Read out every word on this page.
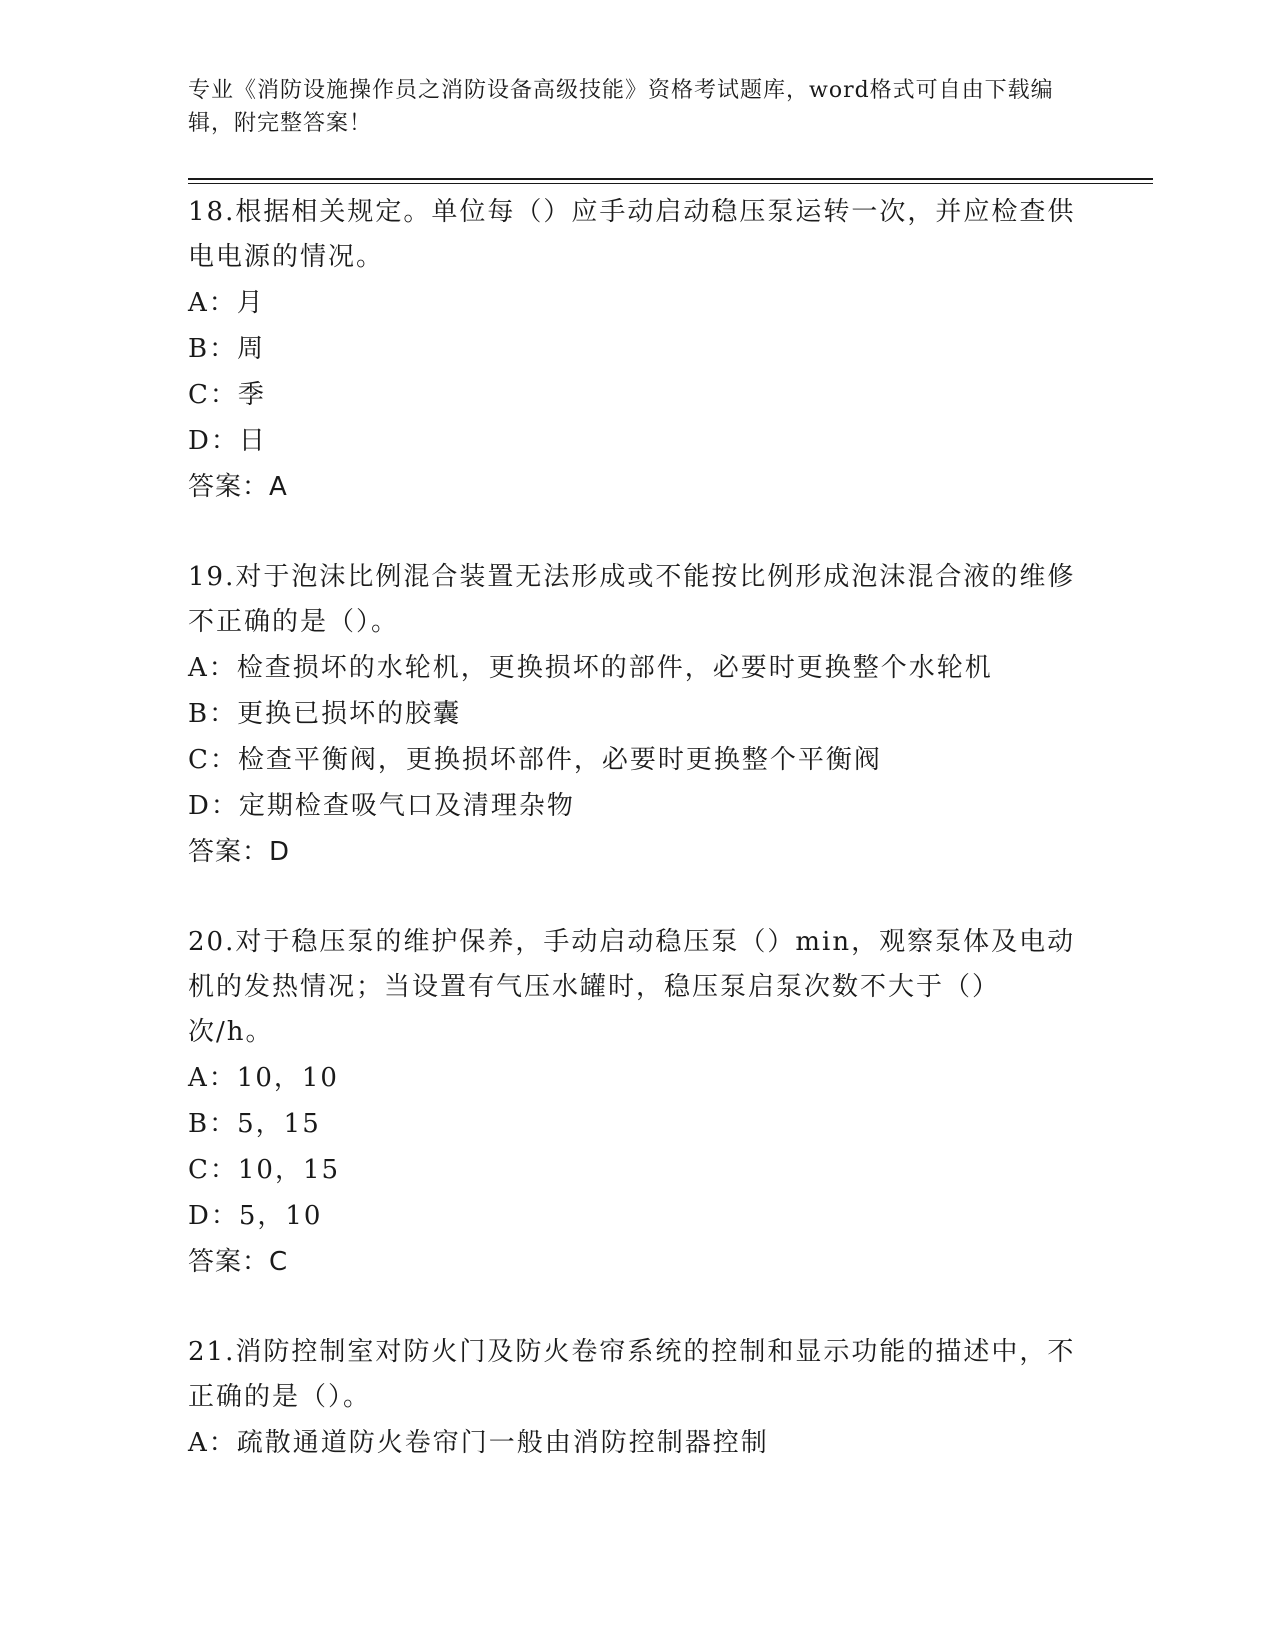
专业《消防设施操作员之消防设备高级技能》资格考试题库，word格式可自由下载编辑，附完整答案！

18.根据相关规定。单位每（）应手动启动稳压泵运转一次，并应检查供电电源的情况。

A：月

B：周

C：季

D：日

答案：A

19.对于泡沫比例混合装置无法形成或不能按比例形成泡沫混合液的维修不正确的是（）。

A：检查损坏的水轮机，更换损坏的部件，必要时更换整个水轮机

B：更换已损坏的胶囊

C：检查平衡阀，更换损坏部件，必要时更换整个平衡阀

D：定期检查吸气口及清理杂物

答案：D

20.对于稳压泵的维护保养，手动启动稳压泵（）min，观察泵体及电动机的发热情况；当设置有气压水罐时，稳压泵启泵次数不大于（）次/h。

A：10，10

B：5，15

C：10，15

D：5，10

答案：C

21.消防控制室对防火门及防火卷帘系统的控制和显示功能的描述中，不正确的是（）。

A：疏散通道防火卷帘门一般由消防控制器控制
